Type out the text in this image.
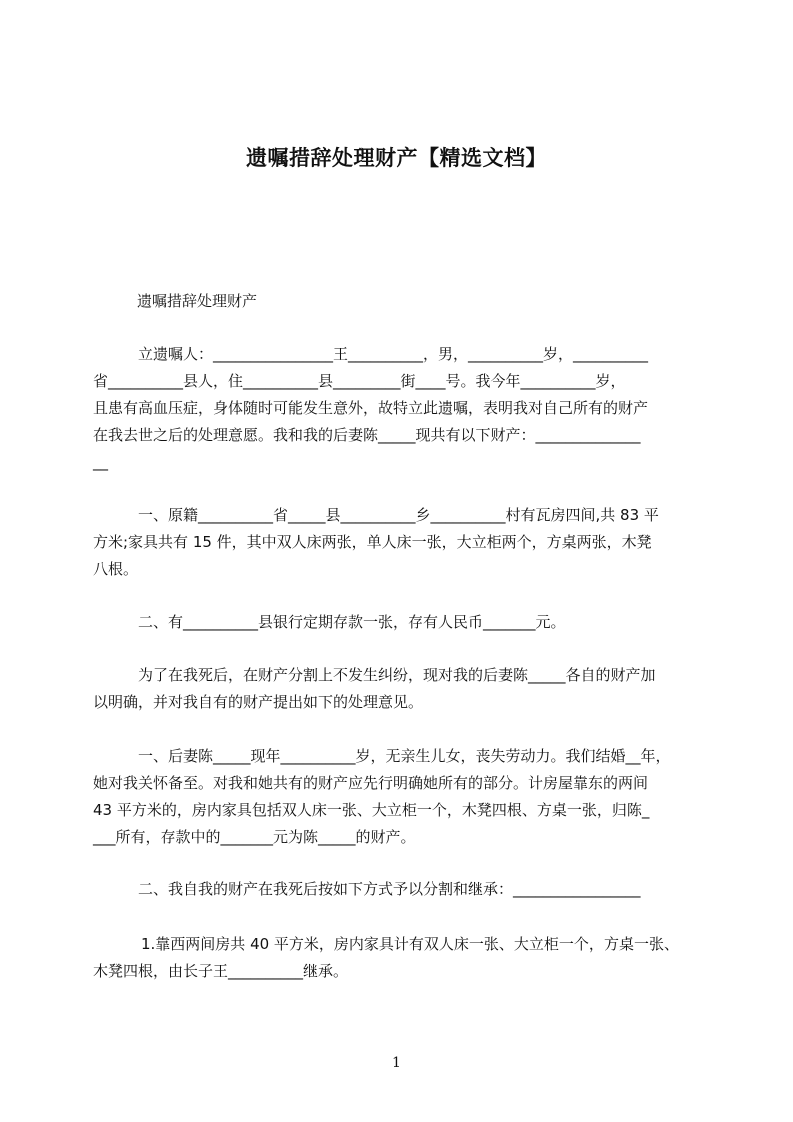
遗嘱措辞处理财产【精选文档】
遗嘱措辞处理财产
立遗嘱人：________________王__________，男，__________岁，__________
省__________县人，住__________县_________街____号。我今年__________岁，
且患有高血压症，身体随时可能发生意外，故特立此遗嘱，表明我对自己所有的财产
在我去世之后的处理意愿。我和我的后妻陈_____现共有以下财产：______________
__
一、原籍__________省_____县__________乡__________村有瓦房四间,共 83 平
方米;家具共有 15 件，其中双人床两张，单人床一张，大立柜两个，方桌两张，木凳
八根。
二、有__________县银行定期存款一张，存有人民币_______元。
为了在我死后，在财产分割上不发生纠纷，现对我的后妻陈_____各自的财产加
以明确，并对我自有的财产提出如下的处理意见。
一、后妻陈_____现年__________岁，无亲生儿女，丧失劳动力。我们结婚__年，
她对我关怀备至。对我和她共有的财产应先行明确她所有的部分。计房屋靠东的两间
43 平方米的，房内家具包括双人床一张、大立柜一个，木凳四根、方桌一张，归陈_
___所有，存款中的_______元为陈_____的财产。
二、我自我的财产在我死后按如下方式予以分割和继承：_________________
1.靠西两间房共 40 平方米，房内家具计有双人床一张、大立柜一个，方桌一张、
木凳四根，由长子王__________继承。
1
